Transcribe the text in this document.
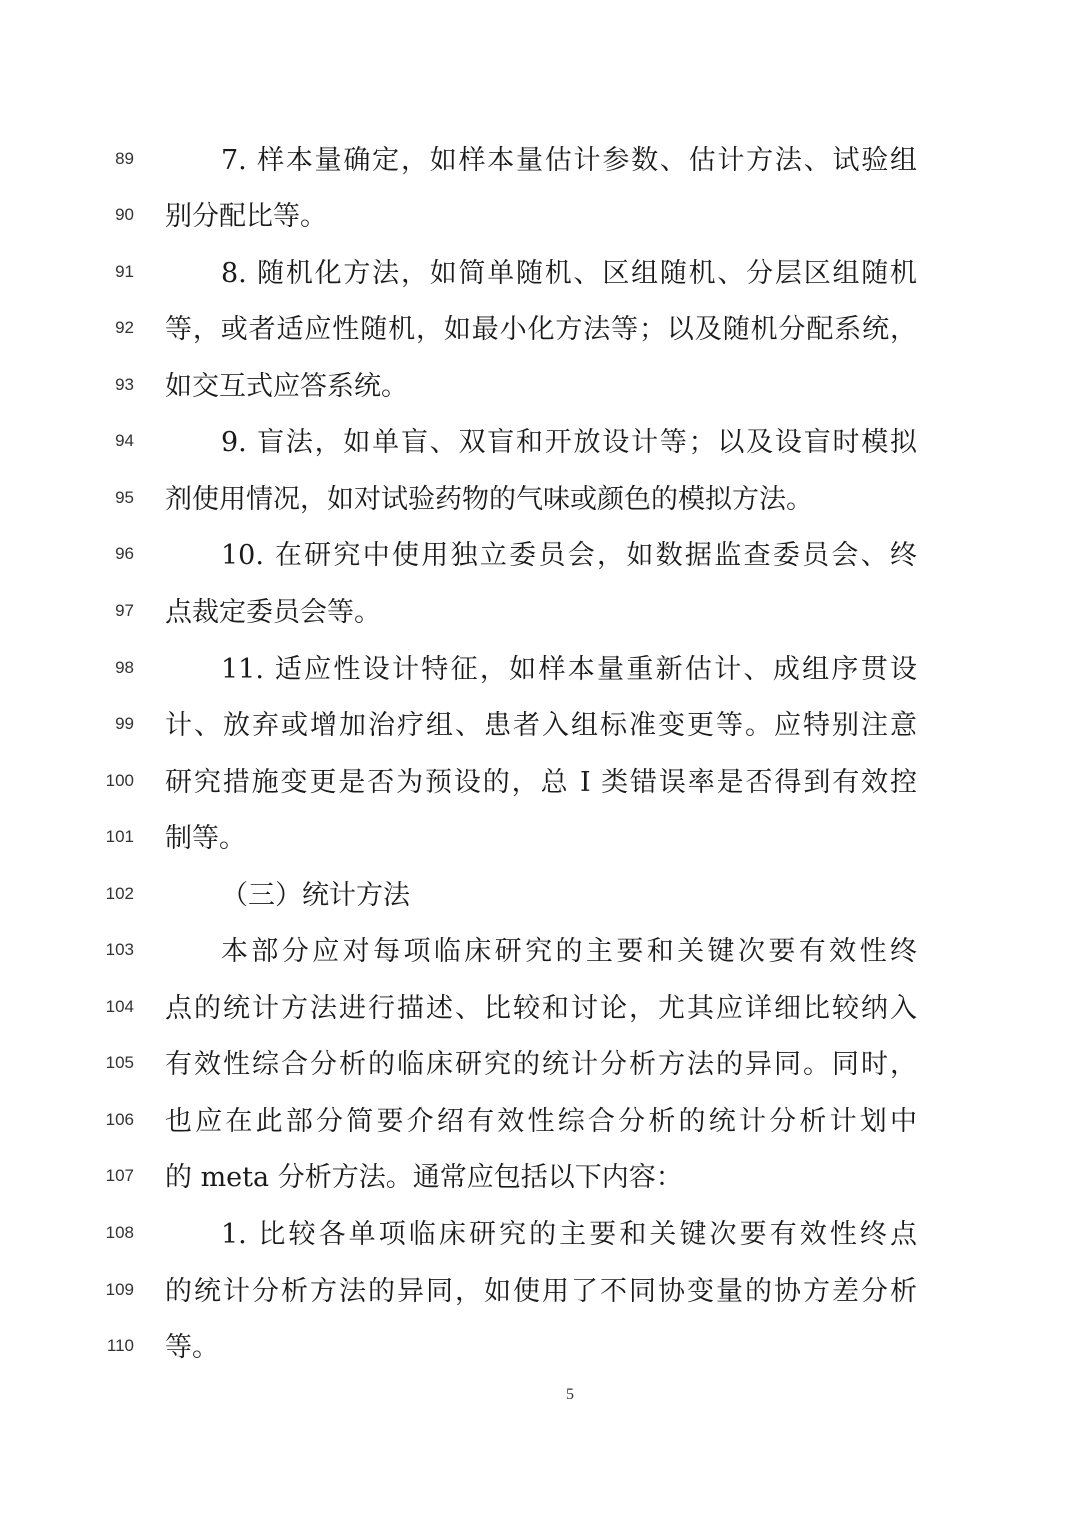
89	7. 样本量确定，如样本量估计参数、估计方法、试验组
90 别分配比等。
91	8. 随机化方法，如简单随机、区组随机、分层区组随机
92 等，或者适应性随机，如最小化方法等；以及随机分配系统，
93 如交互式应答系统。
94	9. 盲法，如单盲、双盲和开放设计等；以及设盲时模拟
95 剂使用情况，如对试验药物的气味或颜色的模拟方法。
96	10. 在研究中使用独立委员会，如数据监查委员会、终
97 点裁定委员会等。
98	11. 适应性设计特征，如样本量重新估计、成组序贯设
99 计、放弃或增加治疗组、患者入组标准变更等。应特别注意
100 研究措施变更是否为预设的，总 I 类错误率是否得到有效控
101 制等。
102	（三）统计方法
103	本部分应对每项临床研究的主要和关键次要有效性终
104 点的统计方法进行描述、比较和讨论，尤其应详细比较纳入
105 有效性综合分析的临床研究的统计分析方法的异同。同时，
106 也应在此部分简要介绍有效性综合分析的统计分析计划中
107 的 meta 分析方法。通常应包括以下内容：
108	1. 比较各单项临床研究的主要和关键次要有效性终点
109 的统计分析方法的异同，如使用了不同协变量的协方差分析
110 等。
5
